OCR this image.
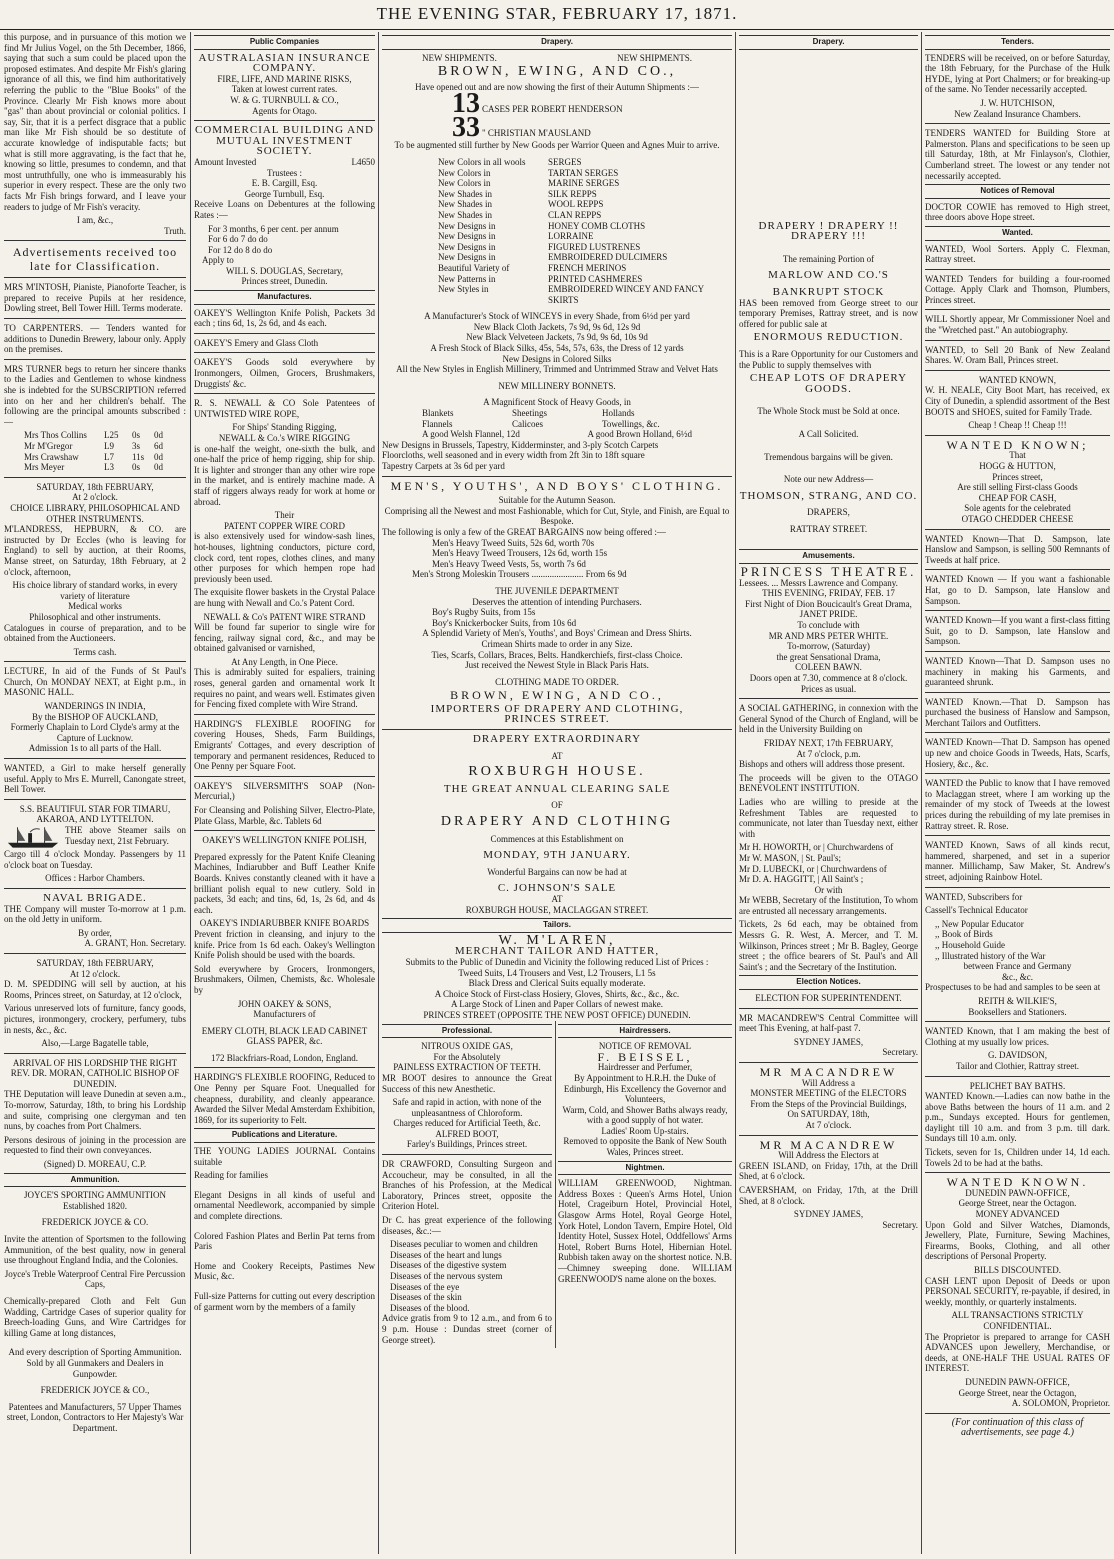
THE EVENING STAR, FEBRUARY 17, 1871.
this purpose, and in pursuance of this motion we find Mr Julius Vogel, on the 5th December, 1866, saying that such a sum could be placed upon the proposed estimates. And despite Mr Fish's glaring ignorance of all this, we find him authoritatively referring the public to the "Blue Books" of the Province. Clearly Mr Fish knows more about "gas" than about provincial or colonial politics. I say, Sir, that it is a perfect disgrace that a public man like Mr Fish should be so destitute of accurate knowledge of indisputable facts; but what is still more aggravating, is the fact that he, knowing so little, presumes to condemn, and that most untruthfully, one who is immeasurably his superior in every respect. These are the only two facts Mr Fish brings forward, and I leave your readers to judge of Mr Fish's veracity.
I am, &c.,
Truth.
Advertisements received too late for Classification.
MRS M'INTOSH, Pianiste, Pianoforte Teacher, is prepared to receive Pupils at her residence, Dowling street, Bell Tower Hill. Terms moderate.
TO CARPENTERS. — Tenders wanted for additions to Dunedin Brewery, labour only. Apply on the premises.
MRS TURNER begs to return her sincere thanks to the Ladies and Gentlemen to whose kindness she is indebted for the SUBSCRIPTION referred into on her and her children's behalf. The following are the principal amounts subscribed :—
Mrs Thos Collins	L25	0s	0d
Mr M'Gregor	L9	3s	6d
Mrs Crawshaw	L7	11s	0d
Mrs Meyer	L3	0s	0d
SATURDAY, 18th FEBRUARY,
At 2 o'clock.
CHOICE LIBRARY, PHILOSOPHICAL AND OTHER INSTRUMENTS.
M'LANDRESS, HEPBURN, & CO. are instructed by Dr Eccles (who is leaving for England) to sell by auction, at their Rooms, Manse street, on Saturday, 18th February, at 2 o'clock, afternoon,
His choice library of standard works, in every variety of literature
Medical works
Philosophical and other instruments.
Catalogues in course of preparation, and to be obtained from the Auctioneers.
Terms cash.
LECTURE, In aid of the Funds of St Paul's Church, On MONDAY NEXT, at Eight p.m., in MASONIC HALL.
WANDERINGS IN INDIA,
By the BISHOP OF AUCKLAND,
Formerly Chaplain to Lord Clyde's army at the Capture of Lucknow.
Admission 1s to all parts of the Hall.
WANTED, a Girl to make herself generally useful. Apply to Mrs E. Murrell, Canongate street, Bell Tower.
S.S. BEAUTIFUL STAR FOR TIMARU, AKAROA, AND LYTTELTON.
THE above Steamer sails on Tuesday next, 21st February.
Cargo till 4 o'clock Monday. Passengers by 11 o'clock boat on Tuesday.
Offices : Harbor Chambers.
NAVAL BRIGADE.
THE Company will muster To-morrow at 1 p.m. on the old Jetty in uniform.
By order,
A. GRANT, Hon. Secretary.
SATURDAY, 18th FEBRUARY,
At 12 o'clock.
D. M. SPEDDING will sell by auction, at his Rooms, Princes street, on Saturday, at 12 o'clock,
Various unreserved lots of furniture, fancy goods, pictures, ironmongery, crockery, perfumery, tubs in nests, &c., &c.
Also,—Large Bagatelle table,
ARRIVAL OF HIS LORDSHIP THE RIGHT REV. DR. MORAN, CATHOLIC BISHOP OF DUNEDIN.
THE Deputation will leave Dunedin at seven a.m., To-morrow, Saturday, 18th, to bring his Lordship and suite, comprising one clergyman and ten nuns, by coaches from Port Chalmers.
Persons desirous of joining in the procession are requested to find their own conveyances.
(Signed) D. MOREAU, C.P.
Ammunition.
JOYCE'S SPORTING AMMUNITION Established 1820.
FREDERICK JOYCE & CO.
Invite the attention of Sportsmen to the following Ammunition, of the best quality, now in general use throughout England India, and the Colonies.
Joyce's Treble Waterproof Central Fire Percussion Caps,
Chemically-prepared Cloth and Felt Gun Wadding, Cartridge Cases of superior quality for Breech-loading Guns, and Wire Cartridges for killing Game at long distances,
And every description of Sporting Ammunition. Sold by all Gunmakers and Dealers in Gunpowder.
FREDERICK JOYCE & CO.,
Patentees and Manufacturers, 57 Upper Thames street, London, Contractors to Her Majesty's War Department.
Public Companies
AUSTRALASIAN INSURANCE COMPANY.
FIRE, LIFE, AND MARINE RISKS,
Taken at lowest current rates.
W. & G. TURNBULL & CO.,
Agents for Otago.
COMMERCIAL BUILDING AND
MUTUAL INVESTMENT SOCIETY.
Amount Invested	L4650
Trustees :
E. B. Cargill, Esq.
George Turnbull, Esq.
Receive Loans on Debentures at the following Rates :—
For 3 months, 6 per cent. per annum
For 6 do 7 do do
For 12 do 8 do do
Apply to
WILL S. DOUGLAS, Secretary,
Princes street, Dunedin.
Manufactures.
OAKEY'S Wellington Knife Polish, Packets 3d each ; tins 6d, 1s, 2s 6d, and 4s each.
OAKEY'S Emery and Glass Cloth
OAKEY'S Goods sold everywhere by Ironmongers, Oilmen, Grocers, Brushmakers, Druggists' &c.
R. S. NEWALL & CO Sole Patentees of UNTWISTED WIRE ROPE,
For Ships' Standing Rigging,
NEWALL & Co.'s WIRE RIGGING
is one-half the weight, one-sixth the bulk, and one-half the price of hemp rigging, ship for ship. It is lighter and stronger than any other wire rope in the market, and is entirely machine made. A staff of riggers always ready for work at home or abroad.
Their
PATENT COPPER WIRE CORD
is also extensively used for window-sash lines, hot-houses, lightning conductors, picture cord, clock cord, tent ropes, clothes clines, and many other purposes for which hempen rope had previously been used.
The exquisite flower baskets in the Crystal Palace are hung with Newall and Co.'s Patent Cord.
NEWALL & Co's PATENT WIRE STRAND
Will be found far superior to single wire for fencing, railway signal cord, &c., and may be obtained galvanised or varnished,
At Any Length, in One Piece.
This is admirably suited for espaliers, training roses, general garden and ornamental work It requires no paint, and wears well. Estimates given for Fencing fixed complete with Wire Strand.
HARDING'S FLEXIBLE ROOFING for covering Houses, Sheds, Farm Buildings, Emigrants' Cottages, and every description of temporary and permanent residences, Reduced to One Penny per Square Foot.
OAKEY'S SILVERSMITH'S SOAP (Non-Mercurial,)
For Cleansing and Polishing Silver, Electro-Plate, Plate Glass, Marble, &c. Tablets 6d
OAKEY'S WELLINGTON KNIFE POLISH,
Prepared expressly for the Patent Knife Cleaning Machines, Indiarubber and Buff Leather Knife Boards. Knives constantly cleaned with it have a brilliant polish equal to new cutlery. Sold in packets, 3d each; and tins, 6d, 1s, 2s 6d, and 4s each.
OAKEY'S INDIARUBBER KNIFE BOARDS
Prevent friction in cleansing, and injury to the knife. Price from 1s 6d each. Oakey's Wellington Knife Polish should be used with the boards.
Sold everywhere by Grocers, Ironmongers, Brushmakers, Oilmen, Chemists, &c. Wholesale by
JOHN OAKEY & SONS,
Manufacturers of
EMERY CLOTH, BLACK LEAD CABINET GLASS PAPER, &c.
172 Blackfriars-Road, London, England.
HARDING'S FLEXIBLE ROOFING, Reduced to One Penny per Square Foot. Unequalled for cheapness, durability, and cleanly appearance. Awarded the Silver Medal Amsterdam Exhibition, 1869, for its superiority to Felt.
Publications and Literature.
THE YOUNG LADIES JOURNAL Contains suitable
Reading for families
Elegant Designs in all kinds of useful and ornamental Needlework, accompanied by simple and complete directions.
Colored Fashion Plates and Berlin Pat terns from Paris
Home and Cookery Receipts, Pastimes New Music, &c.
Full-size Patterns for cutting out every description of garment worn by the members of a family
Drapery.
NEW SHIPMENTS.	NEW SHIPMENTS.
BROWN, EWING, AND CO.,
Have opened out and are now showing the first of their Autumn Shipments :—
13 CASES PER ROBERT HENDERSON
33 " CHRISTIAN M'AUSLAND
To be augmented still further by New Goods per Warrior Queen and Agnes Muir to arrive.
New Colors in all wools	SERGES
New Colors in	TARTAN SERGES
New Colors in	MARINE SERGES
New Shades in	SILK REPPS
New Shades in	WOOL REPPS
New Shades in	CLAN REPPS
New Designs in	HONEY COMB CLOTHS
New Designs in	LORRAINE
New Designs in	FIGURED LUSTRENES
New Designs in	EMBROIDERED DULCIMERS
Beautiful Variety of	FRENCH MERINOS
New Patterns in	PRINTED CASHMERES
New Styles in	EMBROIDERED WINCEY AND FANCY SKIRTS
A Manufacturer's Stock of WINCEYS in every Shade, from 6½d per yard
New Black Cloth Jackets, 7s 9d, 9s 6d, 12s 9d
New Black Velveteen Jackets, 7s 9d, 9s 6d, 10s 9d
A Fresh Stock of Black Silks, 45s, 54s, 57s, 63s, the Dress of 12 yards
New Designs in Colored Silks
All the New Styles in English Millinery, Trimmed and Untrimmed Straw and Velvet Hats
NEW MILLINERY BONNETS.
A Magnificent Stock of Heavy Goods, in
Blankets	Sheetings	Hollands
Flannels	Calicoes	Towellings, &c.
A good Welsh Flannel, 12d	A good Brown Holland, 6½d
New Designs in Brussels, Tapestry, Kidderminster, and 3-ply Scotch Carpets
Floorcloths, well seasoned and in every width from 2ft 3in to 18ft square
Tapestry Carpets at 3s 6d per yard
MEN'S, YOUTHS', AND BOYS' CLOTHING.
Suitable for the Autumn Season.
Comprising all the Newest and most Fashionable, which for Cut, Style, and Finish, are Equal to Bespoke.
The following is only a few of the GREAT BARGAINS now being offered :—
Men's Heavy Tweed Suits, 52s 6d, worth 70s
Men's Heavy Tweed Trousers, 12s 6d, worth 15s
Men's Heavy Tweed Vests, 5s, worth 7s 6d
Men's Strong Moleskin Trousers ....................... From 6s 9d
THE JUVENILE DEPARTMENT
Deserves the attention of intending Purchasers.
Boy's Rugby Suits, from 15s
Boy's Knickerbocker Suits, from 10s 6d
A Splendid Variety of Men's, Youths', and Boys' Crimean and Dress Shirts.
Crimean Shirts made to order in any Size.
Ties, Scarfs, Collars, Braces, Belts. Handkerchiefs, first-class Choice.
Just received the Newest Style in Black Paris Hats.
CLOTHING MADE TO ORDER.
BROWN, EWING, AND CO.,
IMPORTERS OF DRAPERY AND CLOTHING,
PRINCES STREET.
DRAPERY EXTRAORDINARY
AT
ROXBURGH HOUSE.
THE GREAT ANNUAL CLEARING SALE
OF
DRAPERY AND CLOTHING
Commences at this Establishment on
MONDAY, 9TH JANUARY.
Wonderful Bargains can now be had at
C. JOHNSON'S SALE
AT
ROXBURGH HOUSE, MACLAGGAN STREET.
Tailors.
W. M'LAREN,
MERCHANT TAILOR AND HATTER,
Submits to the Public of Dunedin and Vicinity the following reduced List of Prices :
Tweed Suits, L4 Trousers and Vest, L2 Trousers, L1 5s
Black Dress and Clerical Suits equally moderate.
A Choice Stock of First-class Hosiery, Gloves, Shirts, &c., &c., &c.
A Large Stock of Linen and Paper Collars of newest make.
PRINCES STREET (OPPOSITE THE NEW POST OFFICE) DUNEDIN.
Professional.
NITROUS OXIDE GAS,
For the Absolutely
PAINLESS EXTRACTION OF TEETH.
MR BOOT desires to announce the Great Success of this new Anesthetic.
Safe and rapid in action, with none of the unpleasantness of Chloroform.
Charges reduced for Artificial Teeth, &c.
ALFRED BOOT,
Farley's Buildings, Princes street.
DR CRAWFORD, Consulting Surgeon and Accoucheur, may be consulted, in all the Branches of his Profession, at the Medical Laboratory, Princes street, opposite the Criterion Hotel.
Dr C. has great experience of the following diseases, &c.:—
Diseases peculiar to women and children
Diseases of the heart and lungs
Diseases of the digestive system
Diseases of the nervous system
Diseases of the eye
Diseases of the skin
Diseases of the blood.
Advice gratis from 9 to 12 a.m., and from 6 to 9 p.m. House : Dundas street (corner of George street).
Hairdressers.
NOTICE OF REMOVAL
F. BEISSEL,
Hairdresser and Perfumer,
By Appointment to H.R.H. the Duke of Edinburgh, His Excellency the Governor and Volunteers,
Warm, Cold, and Shower Baths always ready, with a good supply of hot water.
Ladies' Room Up-stairs.
Removed to opposite the Bank of New South Wales, Princes street.
Nightmen.
WILLIAM GREENWOOD, Nightman. Address Boxes : Queen's Arms Hotel, Union Hotel, Crageiburn Hotel, Provincial Hotel, Glasgow Arms Hotel, Royal George Hotel, York Hotel, London Tavern, Empire Hotel, Old Identity Hotel, Sussex Hotel, Oddfellows' Arms Hotel, Robert Burns Hotel, Hibernian Hotel. Rubbish taken away on the shortest notice. N.B.—Chimney sweeping done. WILLIAM GREENWOOD'S name alone on the boxes.
Drapery.
DRAPERY ! DRAPERY !! DRAPERY !!!
The remaining Portion of
MARLOW AND CO.'S
BANKRUPT STOCK
HAS been removed from George street to our temporary Premises, Rattray street, and is now offered for public sale at
ENORMOUS REDUCTION.
This is a Rare Opportunity for our Customers and the Public to supply themselves with
CHEAP LOTS OF DRAPERY GOODS.
The Whole Stock must be Sold at once.
A Call Solicited.
Tremendous bargains will be given.
Note our new Address—
THOMSON, STRANG, AND CO.
DRAPERS,
RATTRAY STREET.
Amusements.
PRINCESS THEATRE.
Lessees. ... Messrs Lawrence and Company.
THIS EVENING, FRIDAY, FEB. 17
First Night of Dion Boucicault's Great Drama,
JANET PRIDE.
To conclude with
MR AND MRS PETER WHITE.
To-morrow, (Saturday)
the great Sensational Drama,
COLEEN BAWN.
Doors open at 7.30, commence at 8 o'clock.
Prices as usual.
A SOCIAL GATHERING, in connexion with the General Synod of the Church of England, will be held in the University Building on
FRIDAY NEXT, 17th FEBRUARY,
At 7 o'clock, p.m.
Bishops and others will address those present.
The proceeds will be given to the OTAGO BENEVOLENT INSTITUTION.
Ladies who are willing to preside at the Refreshment Tables are requested to communicate, not later than Tuesday next, either with
Mr H. HOWORTH, or | Churchwardens of
Mr W. MASON, | St. Paul's;
Mr D. LUBECKI, or | Churchwardens of
Mr D. A. HAGGITT, | All Saint's ;
Or with
Mr WEBB, Secretary of the Institution, To whom are entrusted all necessary arrangements.
Tickets, 2s 6d each, may be obtained from Messrs G. R. West, A. Mercer, and T. M. Wilkinson, Princes street ; Mr B. Bagley, George street ; the office bearers of St. Paul's and All Saint's ; and the Secretary of the Institution.
Election Notices.
ELECTION FOR SUPERINTENDENT.
MR MACANDREW'S Central Committee will meet This Evening, at half-past 7.
SYDNEY JAMES,
Secretary.
MR MACANDREW
Will Address a
MONSTER MEETING of the ELECTORS
From the Steps of the Provincial Buildings,
On SATURDAY, 18th,
At 7 o'clock.
MR MACANDREW
Will Address the Electors at
GREEN ISLAND, on Friday, 17th, at the Drill Shed, at 6 o'clock.
CAVERSHAM, on Friday, 17th, at the Drill Shed, at 8 o'clock.
SYDNEY JAMES,
Secretary.
Tenders.
TENDERS will be received, on or before Saturday, the 18th February, for the Purchase of the Hulk HYDE, lying at Port Chalmers; or for breaking-up of the same. No Tender necessarily accepted.
J. W. HUTCHISON,
New Zealand Insurance Chambers.
TENDERS WANTED for Building Store at Palmerston. Plans and specifications to be seen up till Saturday, 18th, at Mr Finlayson's, Clothier, Cumberland street. The lowest or any tender not necessarily accepted.
Notices of Removal
DOCTOR COWIE has removed to High street, three doors above Hope street.
Wanted.
WANTED, Wool Sorters. Apply C. Flexman, Rattray street.
WANTED Tenders for building a four-roomed Cottage. Apply Clark and Thomson, Plumbers, Princes street.
WILL Shortly appear, Mr Commissioner Noel and the "Wretched past." An autobiography.
WANTED, to Sell 20 Bank of New Zealand Shares. W. Oram Ball, Princes street.
WANTED KNOWN,
W. H. NEALE, City Boot Mart, has received, ex City of Dunedin, a splendid assortment of the Best BOOTS and SHOES, suited for Family Trade.
Cheap ! Cheap !! Cheap !!!
WANTED KNOWN;
That
HOGG & HUTTON,
Princes street,
Are still selling First-class Goods
CHEAP FOR CASH,
Sole agents for the celebrated
OTAGO CHEDDER CHEESE
WANTED Known—That D. Sampson, late Hanslow and Sampson, is selling 500 Remnants of Tweeds at half price.
WANTED Known — If you want a fashionable Hat, go to D. Sampson, late Hanslow and Sampson.
WANTED Known—If you want a first-class fitting Suit, go to D. Sampson, late Hanslow and Sampson.
WANTED Known—That D. Sampson uses no machinery in making his Garments, and guaranteed shrunk.
WANTED Known.—That D. Sampson has purchased the business of Hanslow and Sampson, Merchant Tailors and Outfitters.
WANTED Known—That D. Sampson has opened up new and choice Goods in Tweeds, Hats, Scarfs, Hosiery, &c., &c.
WANTED the Public to know that I have removed to Maclaggan street, where I am working up the remainder of my stock of Tweeds at the lowest prices during the rebuilding of my late premises in Rattray street. R. Rose.
WANTED Known, Saws of all kinds recut, hammered, sharpened, and set in a superior manner. Millichamp, Saw Maker, St. Andrew's street, adjoining Rainbow Hotel.
WANTED, Subscribers for
Cassell's Technical Educator
,, New Popular Educator
,, Book of Birds
,, Household Guide
,, Illustrated history of the War
between France and Germany
&c., &c.
Prospectuses to be had and samples to be seen at
REITH & WILKIE'S,
Booksellers and Stationers.
WANTED Known, that I am making the best of Clothing at my usually low prices.
G. DAVIDSON,
Tailor and Clothier, Rattray street.
PELICHET BAY BATHS.
WANTED Known.—Ladies can now bathe in the above Baths between the hours of 11 a.m. and 2 p.m., Sundays excepted. Hours for gentlemen, daylight till 10 a.m. and from 3 p.m. till dark. Sundays till 10 a.m. only.
Tickets, seven for 1s, Children under 14, 1d each. Towels 2d to be had at the baths.
WANTED KNOWN.
DUNEDIN PAWN-OFFICE,
George Street, near the Octagon.
MONEY ADVANCED
Upon Gold and Silver Watches, Diamonds, Jewellery, Plate, Furniture, Sewing Machines, Firearms, Books, Clothing, and all other descriptions of Personal Property.
BILLS DISCOUNTED.
CASH LENT upon Deposit of Deeds or upon PERSONAL SECURITY, re-payable, if desired, in weekly, monthly, or quarterly instalments.
ALL TRANSACTIONS STRICTLY CONFIDENTIAL.
The Proprietor is prepared to arrange for CASH ADVANCES upon Jewellery, Merchandise, or deeds, at ONE-HALF THE USUAL RATES OF INTEREST.
DUNEDIN PAWN-OFFICE,
George Street, near the Octagon,
A. SOLOMON, Proprietor.
(For continuation of this class of advertisements, see page 4.)
